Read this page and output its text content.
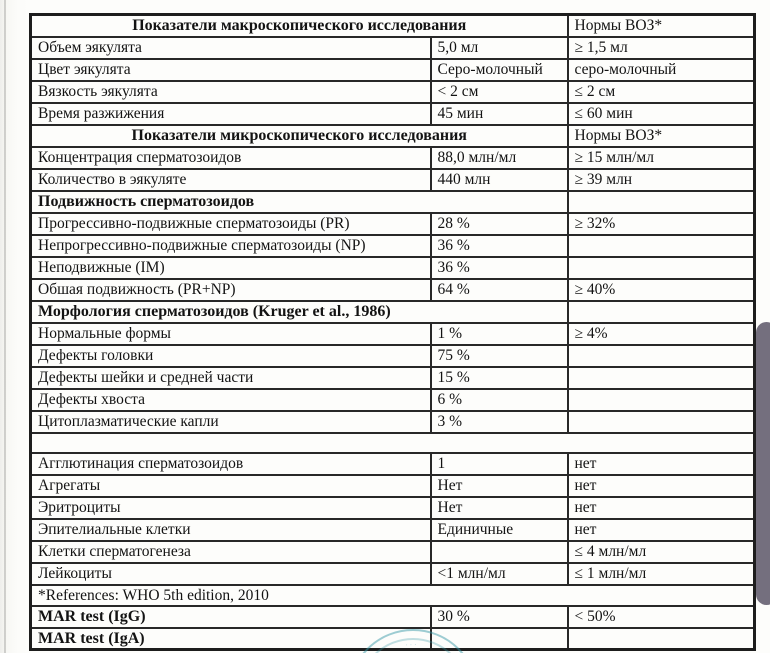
Показатели макроскопического исследования		Нормы ВОЗ*
Объем эякулята	5,0 мл	≥ 1,5 мл
Цвет эякулята	Серо-молочный	серо-молочный
Вязкость эякулята	< 2 см	≤ 2 см
Время разжижения	45 мин	≤ 60 мин
Показатели микроскопического исследования		Нормы ВОЗ*
Концентрация сперматозоидов	88,0 млн/мл	≥ 15 млн/мл
Количество в эякуляте	440 млн	≥ 39 млн
Подвижность сперматозоидов		
Прогрессивно-подвижные сперматозоиды (PR)	28 %	≥ 32%
Непрогрессивно-подвижные сперматозоиды (NP)	36 %	
Неподвижные (IM)	36 %	
Обшая подвижность (PR+NP)	64 %	≥ 40%
Морфология сперматозоидов (Kruger et al., 1986)		
Нормальные формы	1 %	≥ 4%
Дефекты головки	75 %	
Дефекты шейки и средней части	15 %	
Дефекты хвоста	6 %	
Цитоплазматические капли	3 %	

Агглютинация сперматозоидов	1	нет
Агрегаты	Нет	нет
Эритроциты	Нет	нет
Эпителиальные клетки	Единичные	нет
Клетки сперматогенеза		≤ 4 млн/мл
Лейкоциты	<1 млн/мл	≤ 1 млн/мл
*References: WHO 5th edition, 2010		
MAR test (IgG)	30 %	< 50%
MAR test (IgA)			···
